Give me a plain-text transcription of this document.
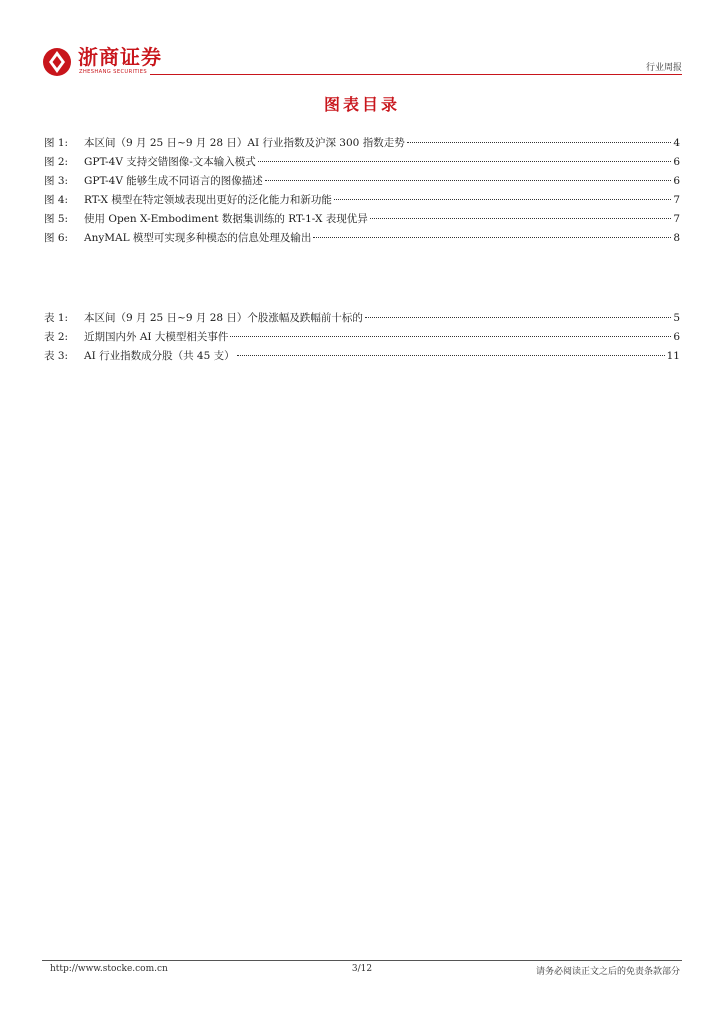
浙商证券
ZHESHANG SECURITIES	行业周报
图表目录
图 1:	本区间（9 月 25 日~9 月 28 日）AI 行业指数及沪深 300 指数走势	4
图 2:	GPT-4V 支持交错图像-文本输入模式	6
图 3:	GPT-4V 能够生成不同语言的图像描述	6
图 4:	RT-X 模型在特定领域表现出更好的泛化能力和新功能	7
图 5:	使用 Open X-Embodiment 数据集训练的 RT-1-X 表现优异	7
图 6:	AnyMAL 模型可实现多种模态的信息处理及输出	8
表 1:	本区间（9 月 25 日~9 月 28 日）个股涨幅及跌幅前十标的	5
表 2:	近期国内外 AI 大模型相关事件	6
表 3:	AI 行业指数成分股（共 45 支）	11
http://www.stocke.com.cn	3/12	请务必阅读正文之后的免责条款部分
